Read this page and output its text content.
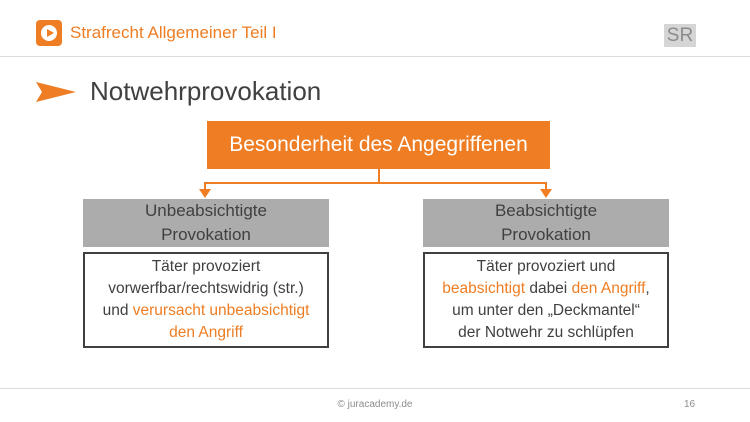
Strafrecht Allgemeiner Teil I	SR
Notwehrprovokation
Besonderheit des Angegriffenen
Unbeabsichtigte
Provokation
Täter provoziert
vorwerfbar/rechtswidrig (str.)
und verursacht unbeabsichtigt
den Angriff
Beabsichtigte
Provokation
Täter provoziert und
beabsichtigt dabei den Angriff,
um unter den „Deckmantel“
der Notwehr zu schlüpfen
© juracademy.de	16
